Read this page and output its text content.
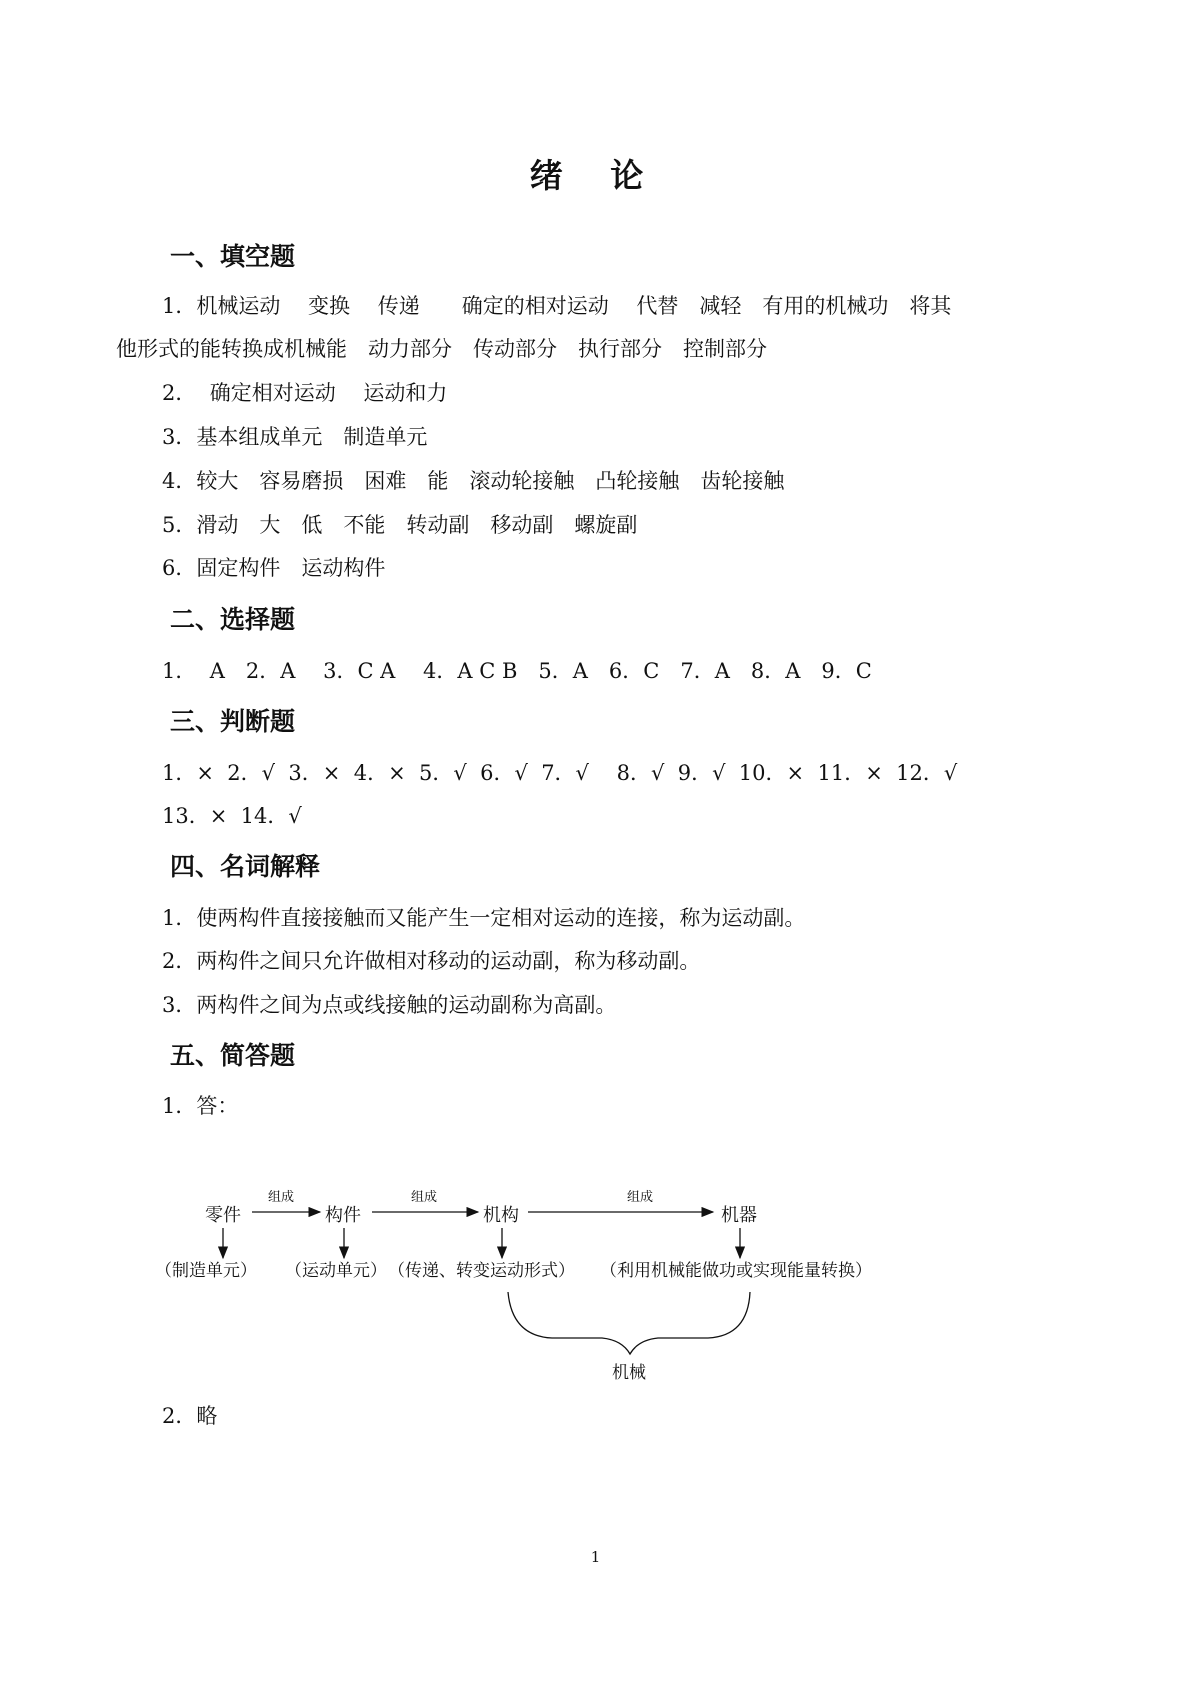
绪 论
一、填空题
1．机械运动　 变换　 传递　　确定的相对运动　 代替　减轻　有用的机械功　将其
他形式的能转换成机械能　动力部分　传动部分　执行部分　控制部分
2．  确定相对运动　 运动和力
3．基本组成单元　制造单元
4．较大　容易磨损　困难　能　滚动轮接触　凸轮接触　齿轮接触
5．滑动　大　低　不能　转动副　移动副　螺旋副
6．固定构件　运动构件
二、选择题
1．  A　2．A　 3．C A　 4．A C B　5．A　6．C　7．A　8．A　9．C
三、判断题
1．×  2．√  3．×  4．×  5．√  6．√  7．√　 8．√  9．√  10．×  11．×  12．√
13．×  14．√
四、名词解释
1．使两构件直接接触而又能产生一定相对运动的连接，称为运动副。
2．两构件之间只允许做相对移动的运动副，称为移动副。
3．两构件之间为点或线接触的运动副称为高副。
五、简答题
1．答：
零件	构件	机构	机器
组成	组成	组成
（制造单元） （运动单元） （传递、转变运动形式） （利用机械能做功或实现能量转换）
机械
2．略
1
